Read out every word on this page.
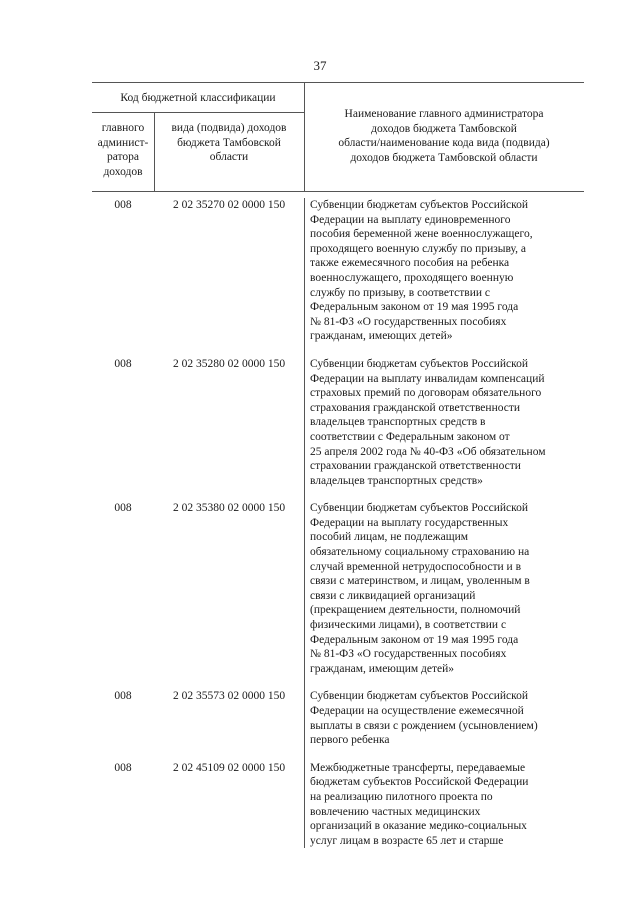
37
Код бюджетной классификации
главного
админист-
ратора
доходов
вида (подвида) доходов
бюджета Тамбовской
области
Наименование главного администратора
доходов бюджета Тамбовской
области/наименование кода вида (подвида)
доходов бюджета Тамбовской области
008	2 02 35270 02 0000 150	Субвенции бюджетам субъектов Российской
Федерации на выплату единовременного
пособия беременной жене военнослужащего,
проходящего военную службу по призыву, а
также ежемесячного пособия на ребенка
военнослужащего, проходящего военную
службу по призыву, в соответствии с
Федеральным законом от 19 мая 1995 года
№ 81-ФЗ «О государственных пособиях
гражданам, имеющих детей»
008	2 02 35280 02 0000 150	Субвенции бюджетам субъектов Российской
Федерации на выплату инвалидам компенсаций
страховых премий по договорам обязательного
страхования гражданской ответственности
владельцев транспортных средств в
соответствии с Федеральным законом от
25 апреля 2002 года № 40-ФЗ «Об обязательном
страховании гражданской ответственности
владельцев транспортных средств»
008	2 02 35380 02 0000 150	Субвенции бюджетам субъектов Российской
Федерации на выплату государственных
пособий лицам, не подлежащим
обязательному социальному страхованию на
случай временной нетрудоспособности и в
связи с материнством, и лицам, уволенным в
связи с ликвидацией организаций
(прекращением деятельности, полномочий
физическими лицами), в соответствии с
Федеральным законом от 19 мая 1995 года
№ 81-ФЗ «О государственных пособиях
гражданам, имеющим детей»
008	2 02 35573 02 0000 150	Субвенции бюджетам субъектов Российской
Федерации на осуществление ежемесячной
выплаты в связи с рождением (усыновлением)
первого ребенка
008	2 02 45109 02 0000 150	Межбюджетные трансферты, передаваемые
бюджетам субъектов Российской Федерации
на реализацию пилотного проекта по
вовлечению частных медицинских
организаций в оказание медико-социальных
услуг лицам в возрасте 65 лет и старше
